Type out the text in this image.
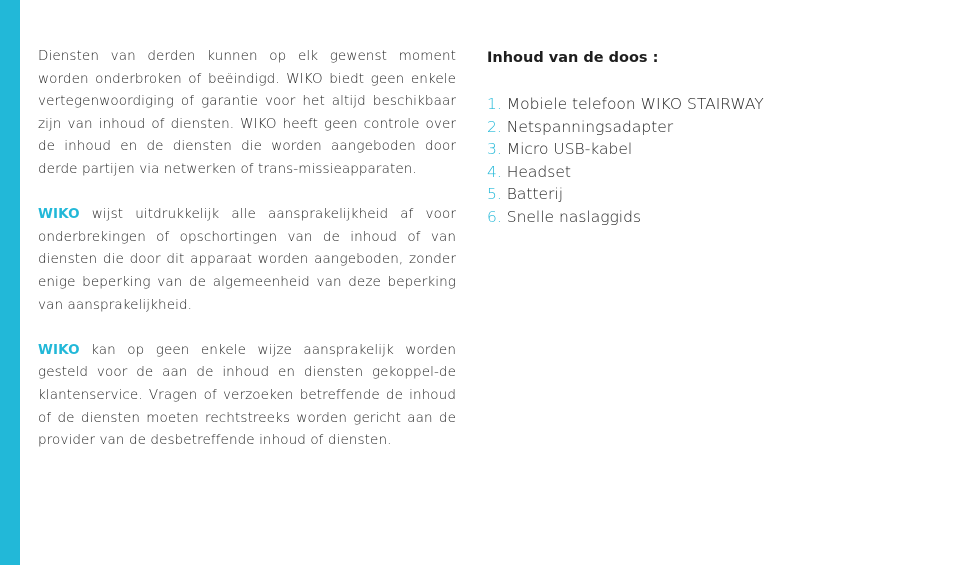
Diensten van derden kunnen op elk gewenst moment worden onderbroken of beëindigd. WIKO biedt geen enkele vertegenwoordiging of garantie voor het altijd beschikbaar zijn van inhoud of diensten. WIKO heeft geen controle over de inhoud en de diensten die worden aangeboden door derde partijen via netwerken of trans-missieapparaten.

WIKO wijst uitdrukkelijk alle aansprakelijkheid af voor onderbrekingen of opschortingen van de inhoud of van diensten die door dit apparaat worden aangeboden, zonder enige beperking van de algemeenheid van deze beperking van aansprakelijkheid.

WIKO kan op geen enkele wijze aansprakelijk worden gesteld voor de aan de inhoud en diensten gekoppel-de klantenservice. Vragen of verzoeken betreffende de inhoud of de diensten moeten rechtstreeks worden gericht aan de provider van de desbetreffende inhoud of diensten.

Inhoud van de doos :
1. Mobiele telefoon WIKO STAIRWAY
2. Netspanningsadapter
3. Micro USB-kabel
4. Headset
5. Batterij
6. Snelle naslaggids
